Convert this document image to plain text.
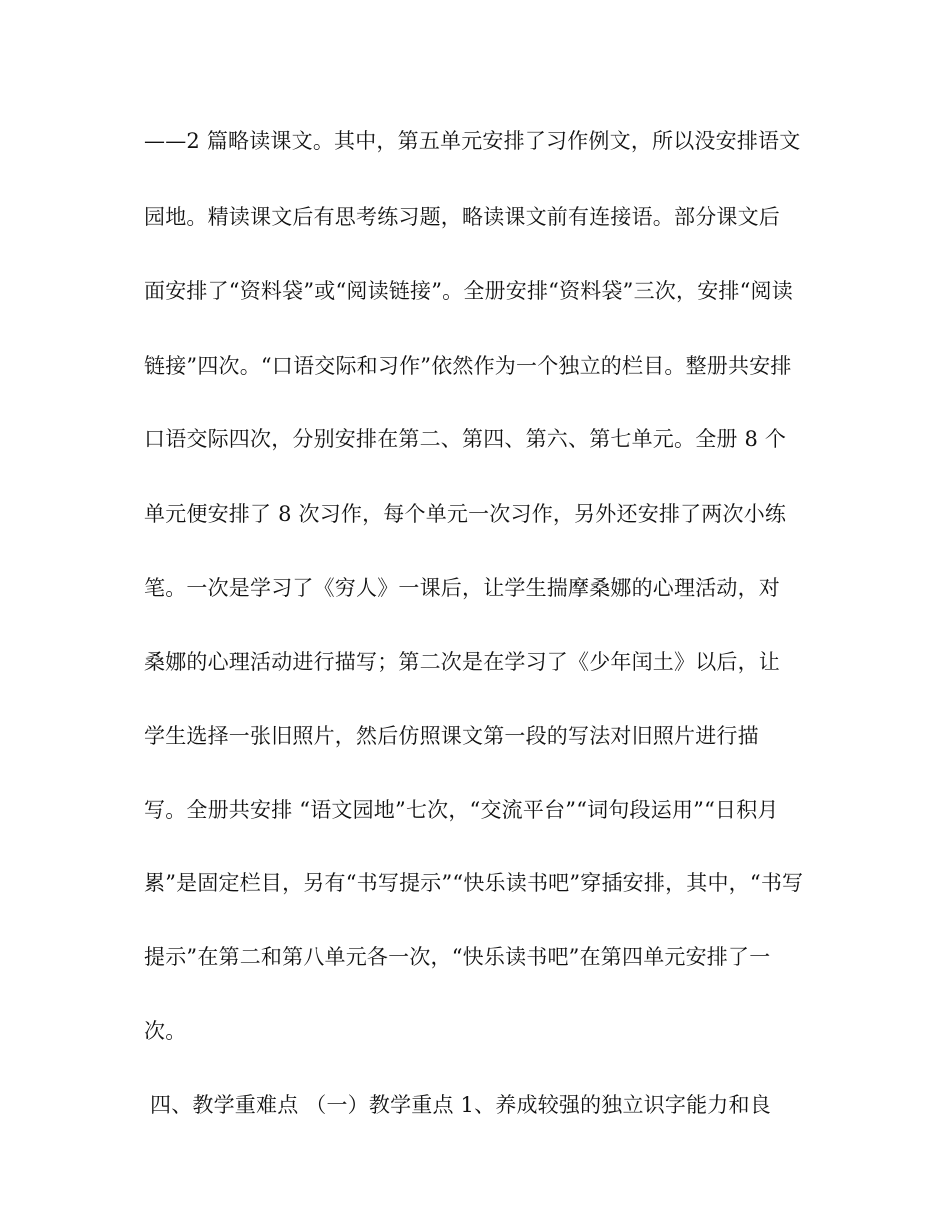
——2 篇略读课文。其中，第五单元安排了习作例文，所以没安排语文
园地。精读课文后有思考练习题，略读课文前有连接语。部分课文后
面安排了“资料袋”或“阅读链接”。全册安排“资料袋”三次，安排“阅读
链接”四次。“口语交际和习作”依然作为一个独立的栏目。整册共安排
口语交际四次，分别安排在第二、第四、第六、第七单元。全册 8 个
单元便安排了 8 次习作，每个单元一次习作，另外还安排了两次小练
笔。一次是学习了《穷人》一课后，让学生揣摩桑娜的心理活动，对
桑娜的心理活动进行描写；第二次是在学习了《少年闰土》以后，让
学生选择一张旧照片，然后仿照课文第一段的写法对旧照片进行描
写。全册共安排 “语文园地”七次，“交流平台”“词句段运用”“日积月
累”是固定栏目，另有“书写提示”“快乐读书吧”穿插安排，其中，“书写
提示”在第二和第八单元各一次，“快乐读书吧”在第四单元安排了一
次。
四、教学重难点 （一）教学重点 1、养成较强的独立识字能力和良
